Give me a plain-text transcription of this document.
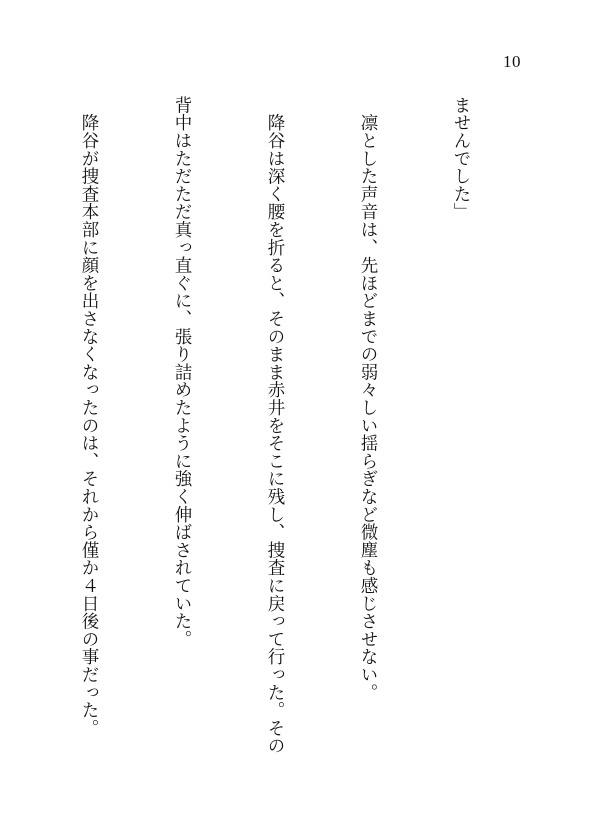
10

ませんでした」

　凛とした声音は、先ほどまでの弱々しい揺らぎなど微塵も感じさせない。

　降谷は深く腰を折ると、そのまま赤井をそこに残し、捜査に戻って行った。その

背中はただただ真っ直ぐに、張り詰めたように強く伸ばされていた。

　降谷が捜査本部に顔を出さなくなったのは、それから僅か４日後の事だった。
